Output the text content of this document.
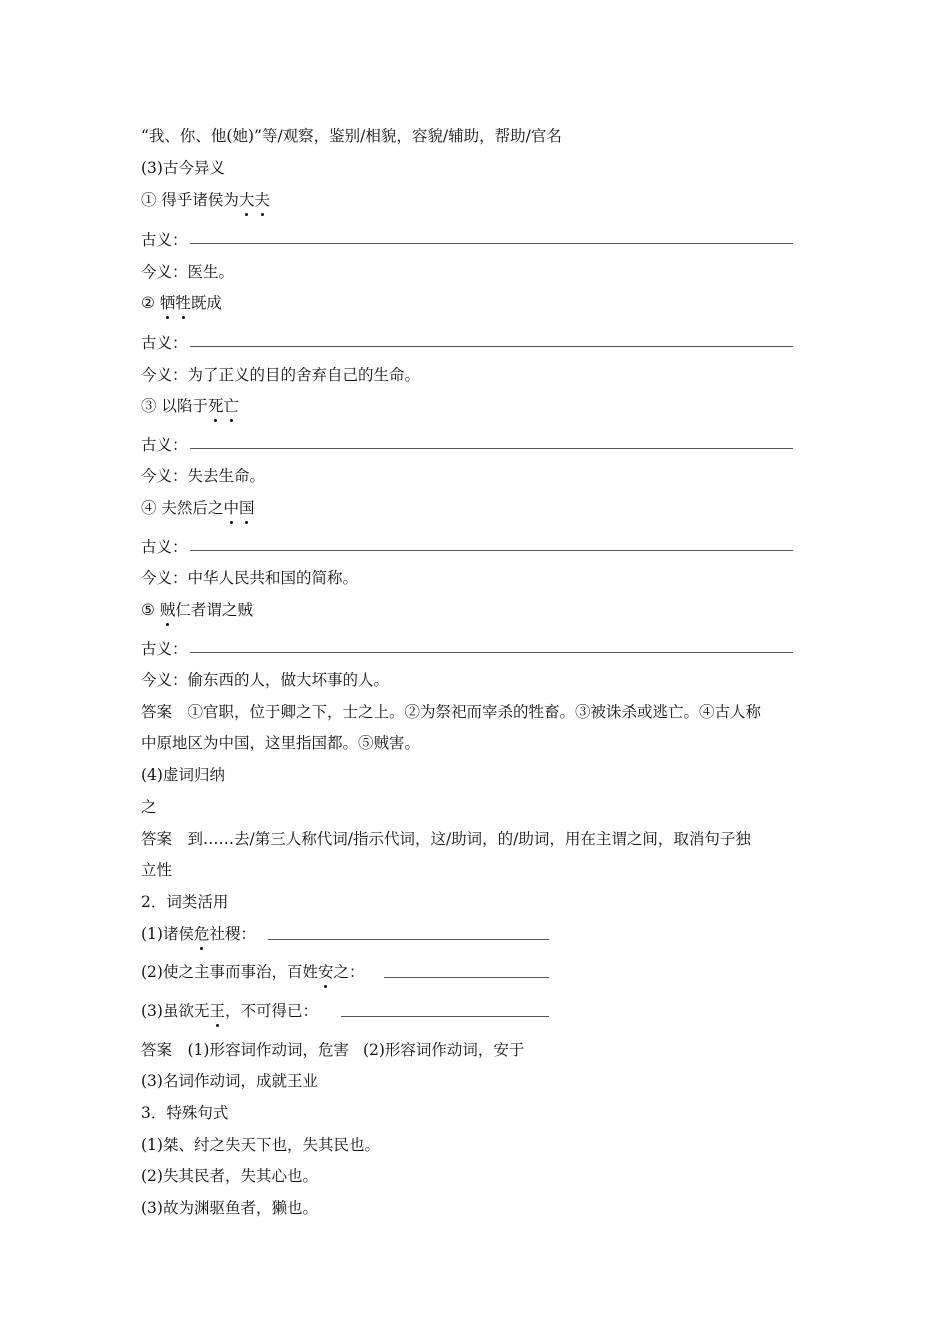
“我、你、他(她)”等/观察，鉴别/相貌，容貌/辅助，帮助/官名
(3)古今异义
① 得乎诸侯为大夫
古义：
今义：医生。
② 牺牲既成
古义：
今义：为了正义的目的舍弃自己的生命。
③ 以陷于死亡
古义：
今义：失去生命。
④ 夫然后之中国
古义：
今义：中华人民共和国的简称。
⑤ 贼仁者谓之贼
古义：
今义：偷东西的人，做大坏事的人。
答案　①官职，位于卿之下，士之上。②为祭祀而宰杀的牲畜。③被诛杀或逃亡。④古人称
中原地区为中国，这里指国都。⑤贼害。
(4)虚词归纳
之
答案　到……去/第三人称代词/指示代词，这/助词，的/助词，用在主谓之间，取消句子独
立性
2．词类活用
(1)诸侯危社稷：
(2)使之主事而事治，百姓安之：
(3)虽欲无王，不可得已：
答案　(1)形容词作动词，危害 (2)形容词作动词，安于
(3)名词作动词，成就王业
3．特殊句式
(1)桀、纣之失天下也，失其民也。
(2)失其民者，失其心也。
(3)故为渊驱鱼者，獭也。
